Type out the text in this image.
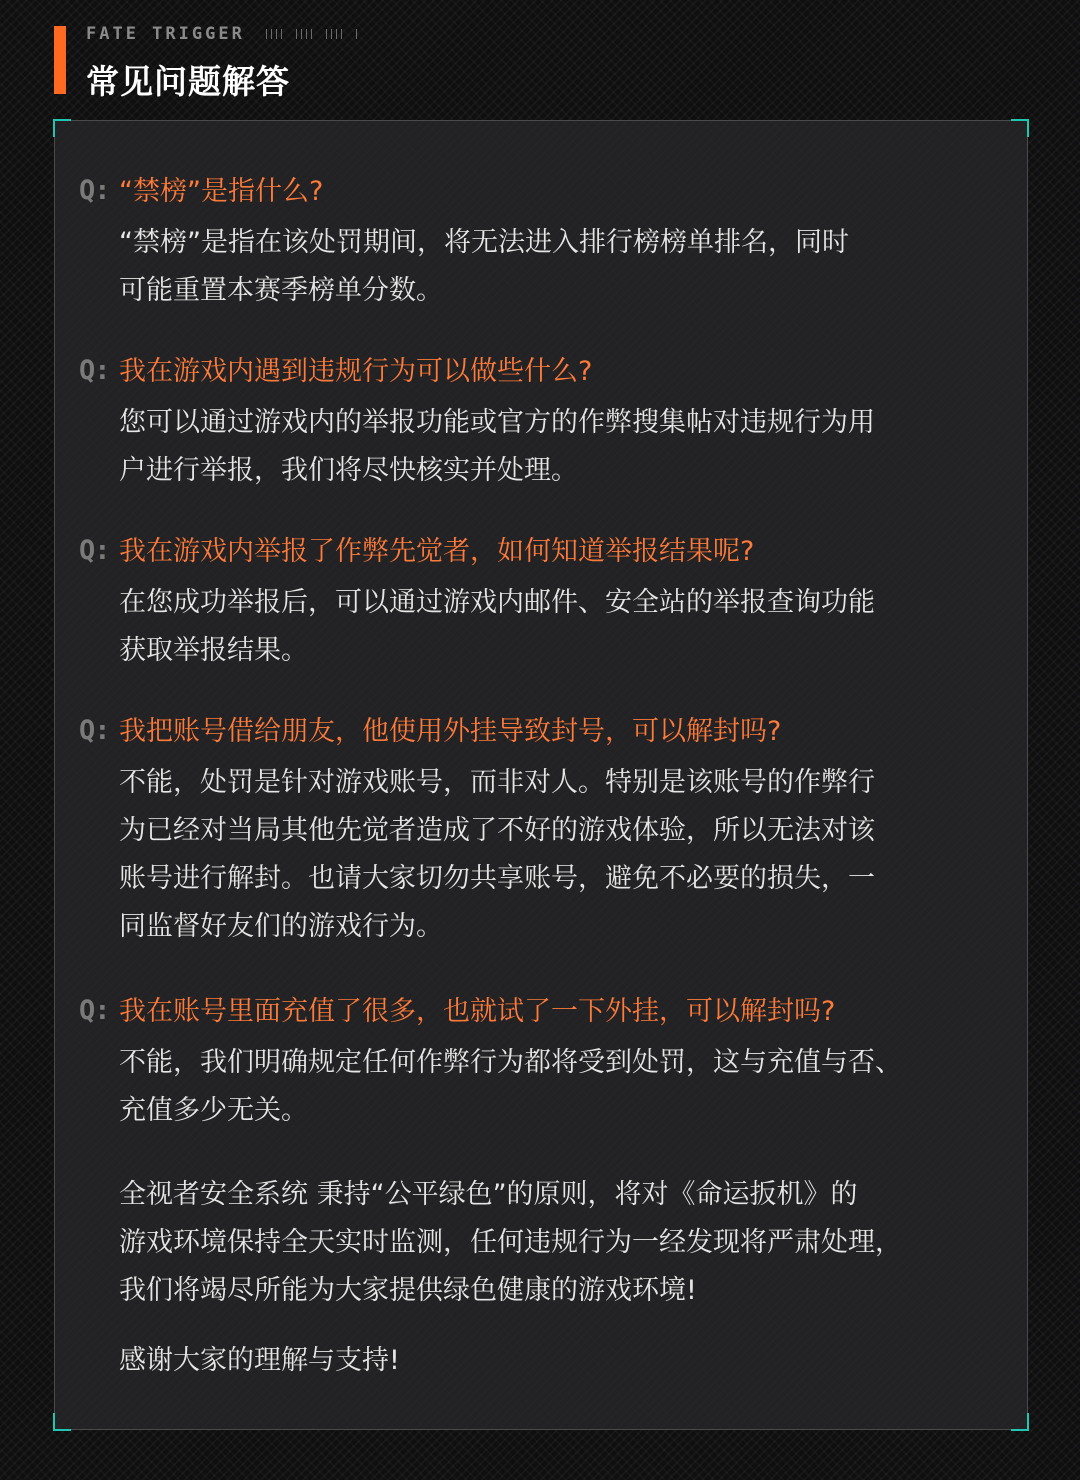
FATE TRIGGER
常见问题解答
Q: “禁榜”是指什么?
“禁榜”是指在该处罚期间，将无法进入排行榜榜单排名，同时
可能重置本赛季榜单分数。
Q: 我在游戏内遇到违规行为可以做些什么?
您可以通过游戏内的举报功能或官方的作弊搜集帖对违规行为用
户进行举报，我们将尽快核实并处理。
Q: 我在游戏内举报了作弊先觉者，如何知道举报结果呢?
在您成功举报后，可以通过游戏内邮件、安全站的举报查询功能
获取举报结果。
Q: 我把账号借给朋友，他使用外挂导致封号，可以解封吗?
不能，处罚是针对游戏账号，而非对人。特别是该账号的作弊行
为已经对当局其他先觉者造成了不好的游戏体验，所以无法对该
账号进行解封。也请大家切勿共享账号，避免不必要的损失，一
同监督好友们的游戏行为。
Q: 我在账号里面充值了很多，也就试了一下外挂，可以解封吗?
不能，我们明确规定任何作弊行为都将受到处罚，这与充值与否、
充值多少无关。
全视者安全系统 秉持“公平绿色”的原则，将对《命运扳机》的
游戏环境保持全天实时监测，任何违规行为一经发现将严肃处理，
我们将竭尽所能为大家提供绿色健康的游戏环境!
感谢大家的理解与支持!
